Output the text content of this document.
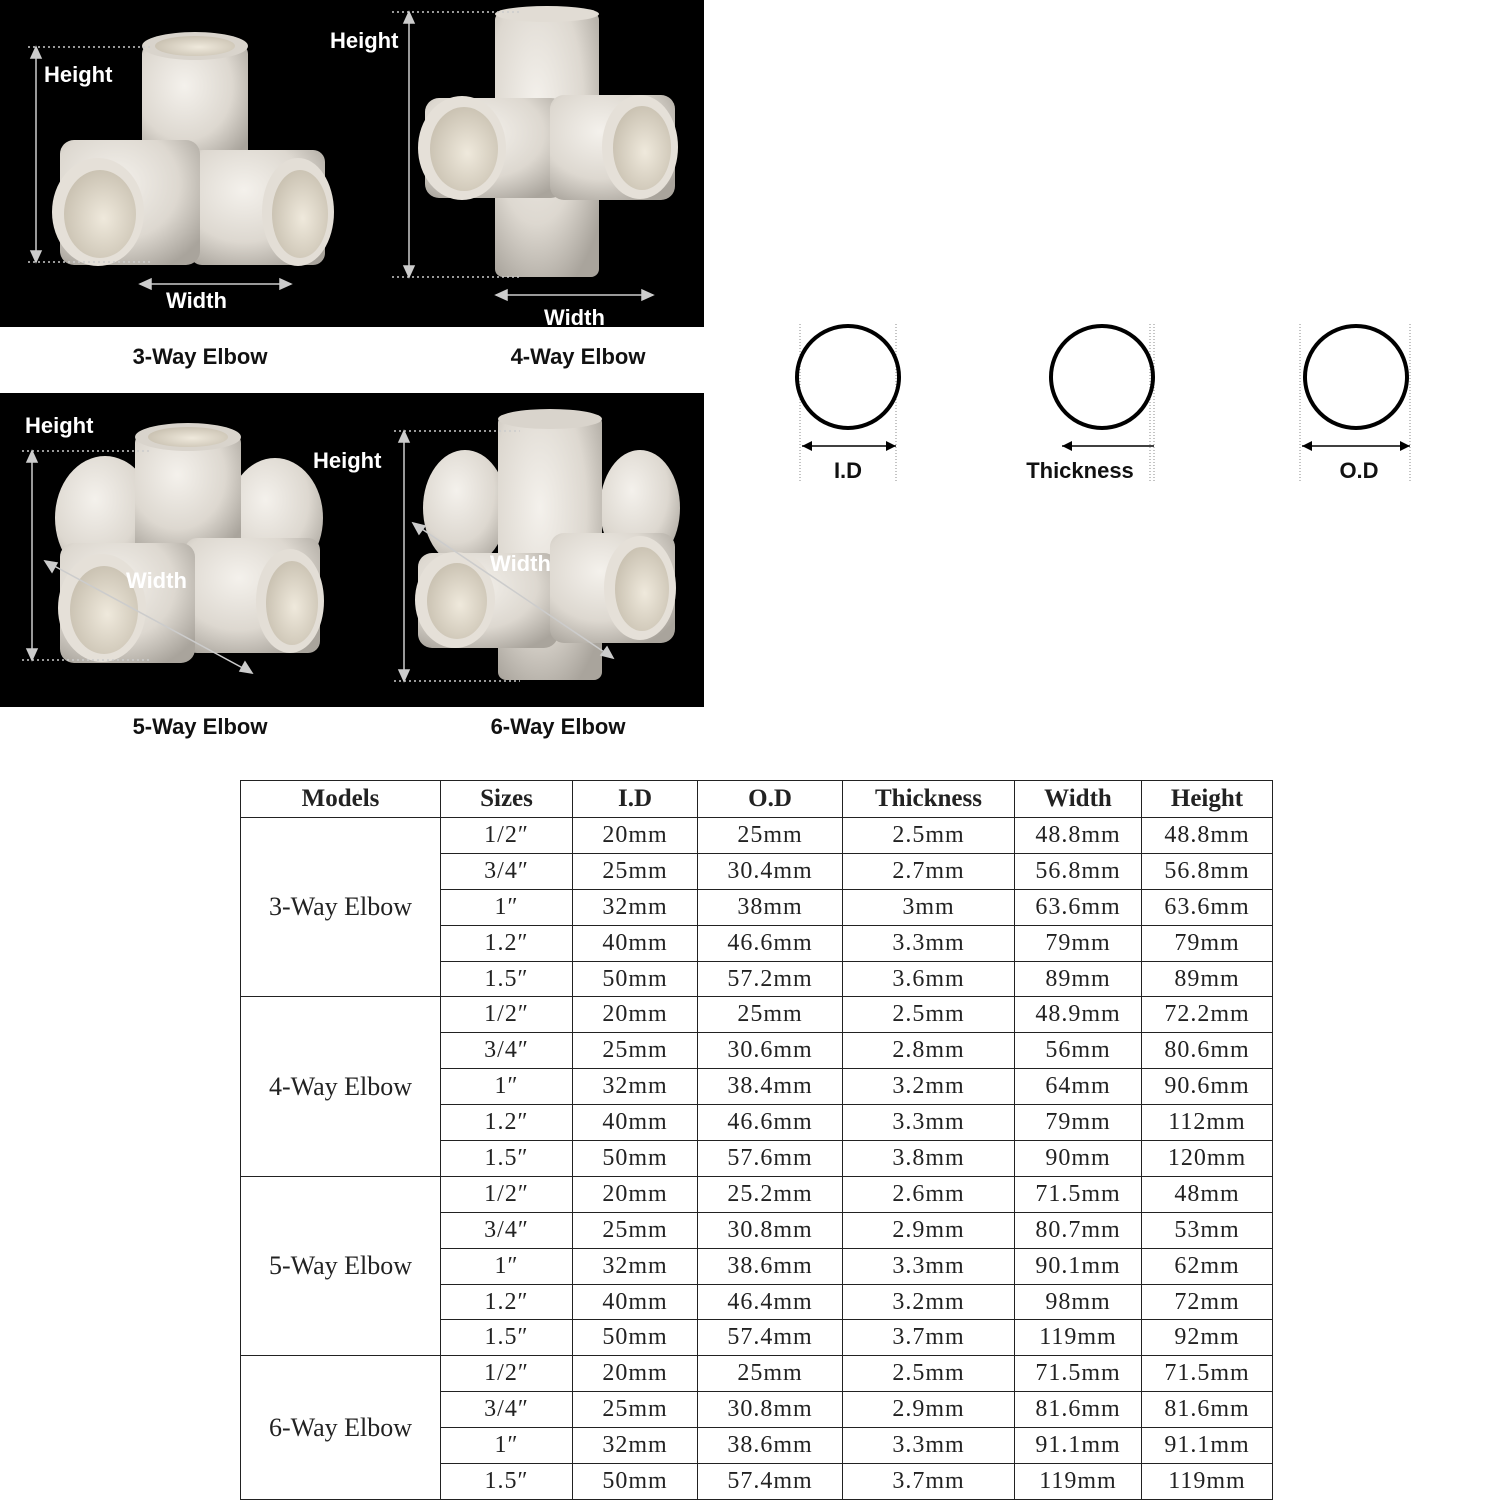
Height
Width
Height
Width
3-Way Elbow	4-Way Elbow
Height
Width
Height
Width
5-Way Elbow	6-Way Elbow
I.D	Thickness	O.D
Models	Sizes	I.D	O.D	Thickness	Width	Height
3-Way Elbow	1/2″	20mm	25mm	2.5mm	48.8mm	48.8mm
	3/4″	25mm	30.4mm	2.7mm	56.8mm	56.8mm
	1″	32mm	38mm	3mm	63.6mm	63.6mm
	1.2″	40mm	46.6mm	3.3mm	79mm	79mm
	1.5″	50mm	57.2mm	3.6mm	89mm	89mm
4-Way Elbow	1/2″	20mm	25mm	2.5mm	48.9mm	72.2mm
	3/4″	25mm	30.6mm	2.8mm	56mm	80.6mm
	1″	32mm	38.4mm	3.2mm	64mm	90.6mm
	1.2″	40mm	46.6mm	3.3mm	79mm	112mm
	1.5″	50mm	57.6mm	3.8mm	90mm	120mm
5-Way Elbow	1/2″	20mm	25.2mm	2.6mm	71.5mm	48mm
	3/4″	25mm	30.8mm	2.9mm	80.7mm	53mm
	1″	32mm	38.6mm	3.3mm	90.1mm	62mm
	1.2″	40mm	46.4mm	3.2mm	98mm	72mm
	1.5″	50mm	57.4mm	3.7mm	119mm	92mm
6-Way Elbow	1/2″	20mm	25mm	2.5mm	71.5mm	71.5mm
	3/4″	25mm	30.8mm	2.9mm	81.6mm	81.6mm
	1″	32mm	38.6mm	3.3mm	91.1mm	91.1mm
	1.5″	50mm	57.4mm	3.7mm	119mm	119mm
